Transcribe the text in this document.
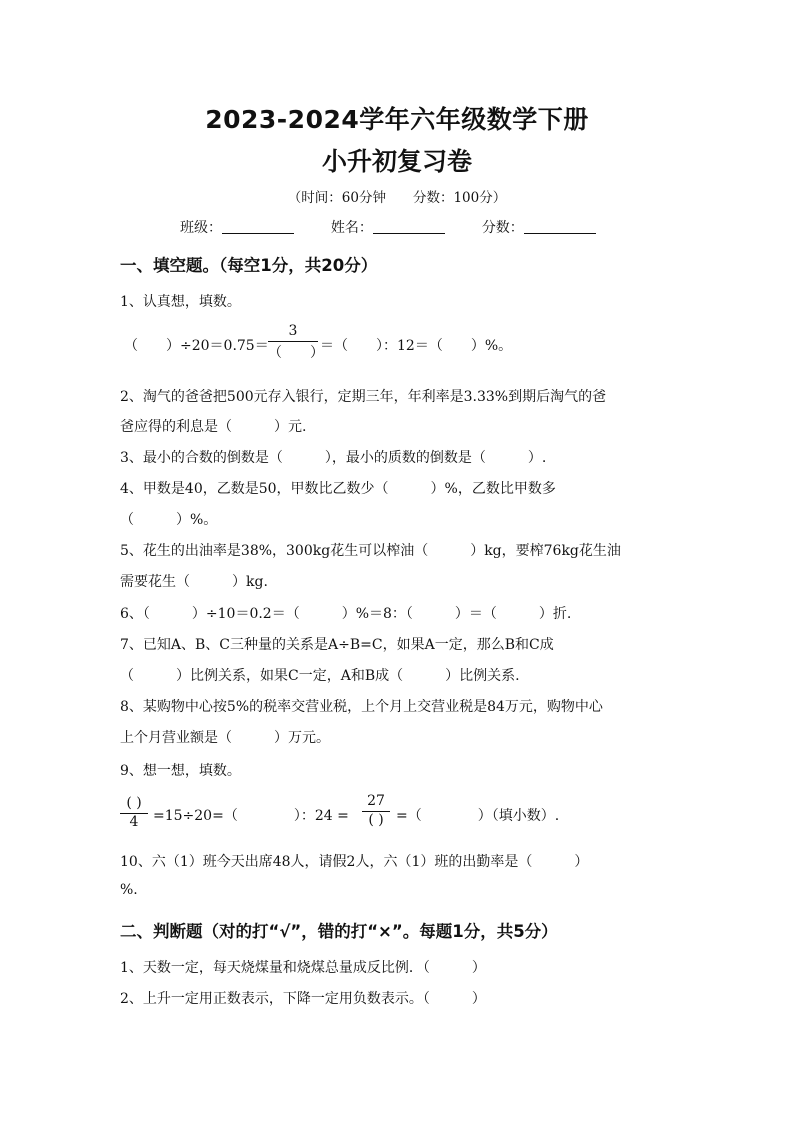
2023-2024学年六年级数学下册
小升初复习卷
（时间：60分钟　　分数：100分）
班级：	姓名：	分数：
一、填空题。（每空1分，共20分）
1、认真想，填数。
（　　）÷20＝0.75＝
3
（　　）
＝（　　）：12＝（　　）%。
2、淘气的爸爸把500元存入银行，定期三年，年利率是3.33%到期后淘气的爸
爸应得的利息是（　　　）元.
3、最小的合数的倒数是（　　　），最小的质数的倒数是（　　　）.
4、甲数是40，乙数是50，甲数比乙数少（　　　）%，乙数比甲数多
（　　　）%。
5、花生的出油率是38%，300kg花生可以榨油（　　　）kg，要榨76kg花生油
需要花生（　　　）kg.
6、（　　　）÷10＝0.2＝（　　　）%＝8：（　　　）＝（　　　）折.
7、已知A、B、C三种量的关系是A÷B=C，如果A一定，那么B和C成
（　　　）比例关系，如果C一定，A和B成（　　　）比例关系.
8、某购物中心按5%的税率交营业税，上个月上交营业税是84万元，购物中心
上个月营业额是（　　　）万元。
9、想一想，填数。
( )
4	=15÷20=（　　　　）：24 =
27
( ) =（　　　　）（填小数）.
10、六（1）班今天出席48人，请假2人，六（1）班的出勤率是（　　　）
%.
二、判断题（对的打“√”，错的打“×”。每题1分，共5分）
1、天数一定，每天烧煤量和烧煤总量成反比例．（　　　）
2、上升一定用正数表示，下降一定用负数表示。（　　　）
